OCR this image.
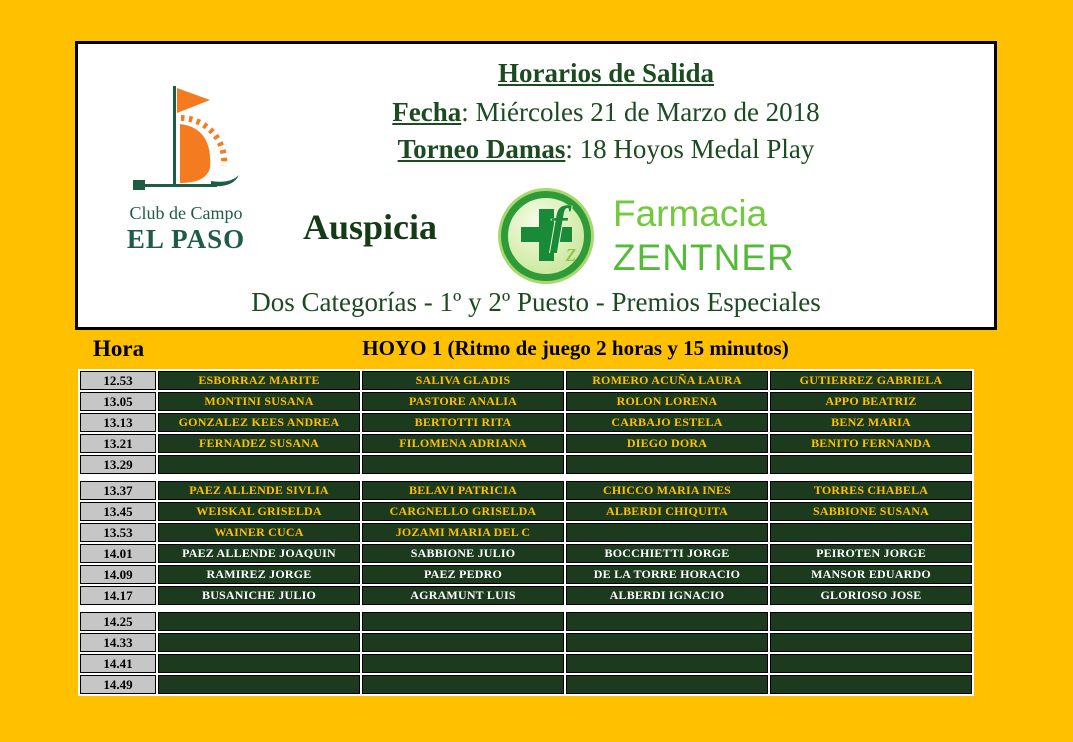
Club de Campo
EL PASO
Horarios de Salida
Fecha: Miércoles 21 de Marzo de 2018
Torneo Damas: 18 Hoyos Medal Play
Auspicia f
z
Farmacia
ZENTNER
Dos Categorías - 1º y 2º Puesto - Premios Especiales
Hora	HOYO 1 (Ritmo de juego 2 horas y 15 minutos)
12.53	ESBORRAZ MARITE	SALIVA GLADIS	ROMERO ACUÑA LAURA	GUTIERREZ GABRIELA
13.05	MONTINI SUSANA	PASTORE ANALIA	ROLON LORENA	APPO BEATRIZ
13.13	GONZALEZ KEES ANDREA	BERTOTTI RITA	CARBAJO ESTELA	BENZ MARIA
13.21	FERNADEZ SUSANA	FILOMENA ADRIANA	DIEGO DORA	BENITO FERNANDA
13.29				

13.37	PAEZ ALLENDE SIVLIA	BELAVI PATRICIA	CHICCO MARIA INES	TORRES CHABELA
13.45	WEISKAL GRISELDA	CARGNELLO GRISELDA	ALBERDI CHIQUITA	SABBIONE SUSANA
13.53	WAINER CUCA	JOZAMI MARIA DEL C		
14.01	PAEZ ALLENDE JOAQUIN	SABBIONE JULIO	BOCCHIETTI JORGE	PEIROTEN JORGE
14.09	RAMIREZ JORGE	PAEZ PEDRO	DE LA TORRE HORACIO	MANSOR EDUARDO
14.17	BUSANICHE JULIO	AGRAMUNT LUIS	ALBERDI IGNACIO	GLORIOSO JOSE

14.25				
14.33				
14.41				
14.49				
